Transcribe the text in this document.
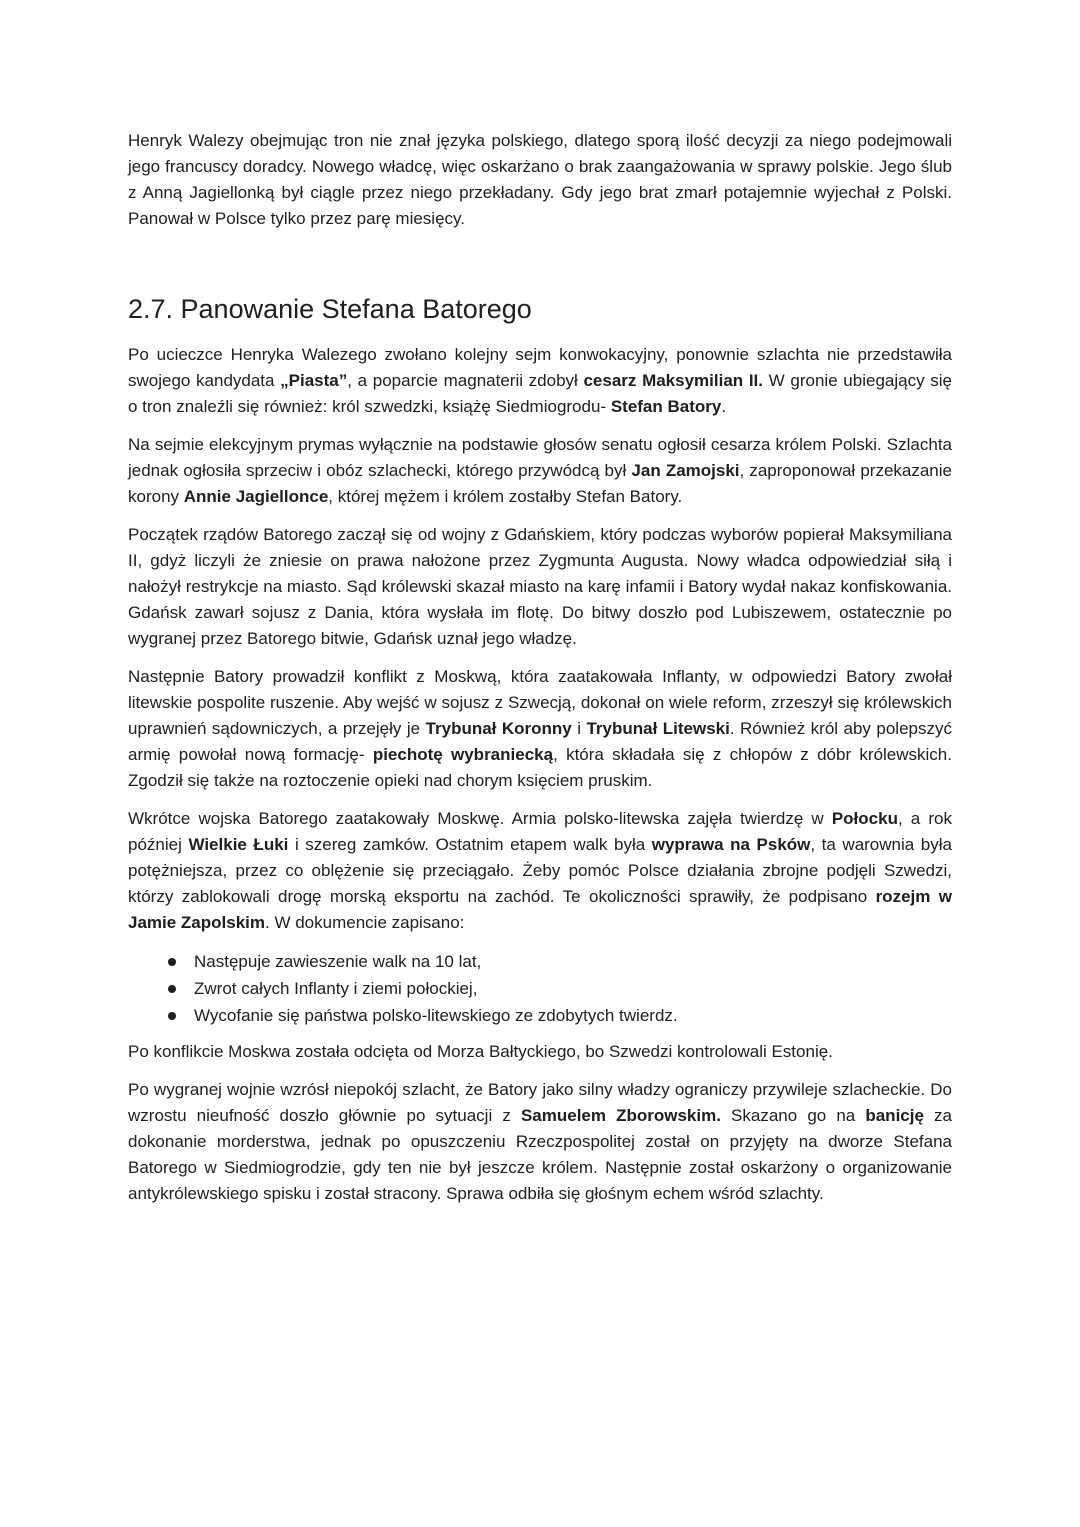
Henryk Walezy obejmując tron nie znał języka polskiego, dlatego sporą ilość decyzji za niego podejmowali jego francuscy doradcy. Nowego władcę, więc oskarżano o brak zaangażowania w sprawy polskie. Jego ślub z Anną Jagiellonką był ciągle przez niego przekładany. Gdy jego brat zmarł potajemnie wyjechał z Polski. Panował w Polsce tylko przez parę miesięcy.

2.7. Panowanie Stefana Batorego

Po ucieczce Henryka Walezego zwołano kolejny sejm konwokacyjny, ponownie szlachta nie przedstawiła swojego kandydata „Piasta”, a poparcie magnaterii zdobył cesarz Maksymilian II. W gronie ubiegający się o tron znaleźli się również: król szwedzki, książę Siedmiogrodu- Stefan Batory.

Na sejmie elekcyjnym prymas wyłącznie na podstawie głosów senatu ogłosił cesarza królem Polski. Szlachta jednak ogłosiła sprzeciw i obóz szlachecki, którego przywódcą był Jan Zamojski, zaproponował przekazanie korony Annie Jagiellonce, której mężem i królem zostałby Stefan Batory.

Początek rządów Batorego zaczął się od wojny z Gdańskiem, który podczas wyborów popierał Maksymiliana II, gdyż liczyli że zniesie on prawa nałożone przez Zygmunta Augusta. Nowy władca odpowiedział siłą i nałożył restrykcje na miasto. Sąd królewski skazał miasto na karę infamii i Batory wydał nakaz konfiskowania. Gdańsk zawarł sojusz z Dania, która wysłała im flotę. Do bitwy doszło pod Lubiszewem, ostatecznie po wygranej przez Batorego bitwie, Gdańsk uznał jego władzę.

Następnie Batory prowadził konflikt z Moskwą, która zaatakowała Inflanty, w odpowiedzi Batory zwołał litewskie pospolite ruszenie. Aby wejść w sojusz z Szwecją, dokonał on wiele reform, zrzeszył się królewskich uprawnień sądowniczych, a przejęły je Trybunał Koronny i Trybunał Litewski. Również król aby polepszyć armię powołał nową formację- piechotę wybraniecką, która składała się z chłopów z dóbr królewskich. Zgodził się także na roztoczenie opieki nad chorym księciem pruskim.

Wkrótce wojska Batorego zaatakowały Moskwę. Armia polsko-litewska zajęła twierdzę w Połocku, a rok później Wielkie Łuki i szereg zamków. Ostatnim etapem walk była wyprawa na Psków, ta warownia była potężniejsza, przez co oblężenie się przeciągało. Żeby pomóc Polsce działania zbrojne podjęli Szwedzi, którzy zablokowali drogę morską eksportu na zachód. Te okoliczności sprawiły, że podpisano rozejm w Jamie Zapolskim. W dokumencie zapisano:

Następuje zawieszenie walk na 10 lat,
Zwrot całych Inflanty i ziemi połockiej,
Wycofanie się państwa polsko-litewskiego ze zdobytych twierdz.

Po konflikcie Moskwa została odcięta od Morza Bałtyckiego, bo Szwedzi kontrolowali Estonię.

Po wygranej wojnie wzrósł niepokój szlacht, że Batory jako silny władzy ograniczy przywileje szlacheckie. Do wzrostu nieufność doszło głównie po sytuacji z Samuelem Zborowskim. Skazano go na banicję za dokonanie morderstwa, jednak po opuszczeniu Rzeczpospolitej został on przyjęty na dworze Stefana Batorego w Siedmiogrodzie, gdy ten nie był jeszcze królem. Następnie został oskarżony o organizowanie antykrólewskiego spisku i został stracony. Sprawa odbiła się głośnym echem wśród szlachty.
